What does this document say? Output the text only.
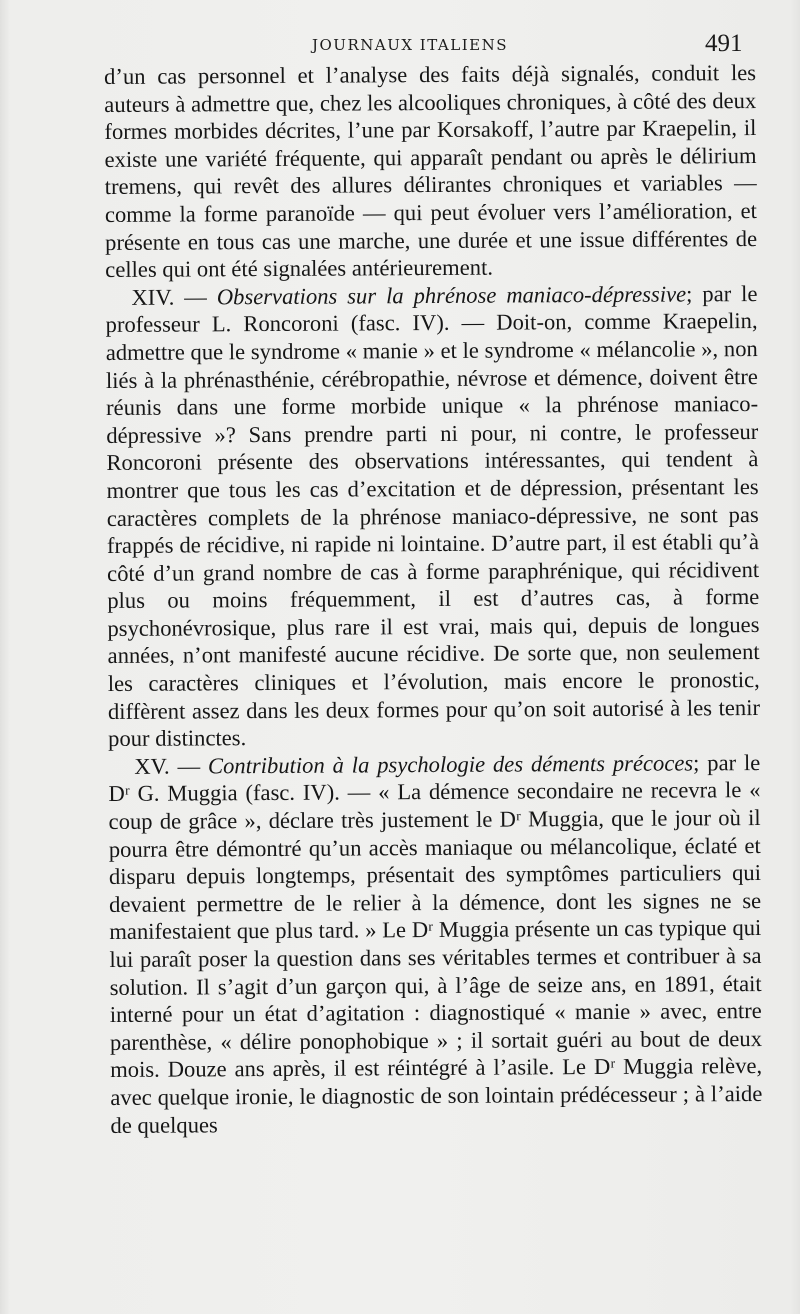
JOURNAUX ITALIENS	491

d’un cas personnel et l’analyse des faits déjà signalés, conduit les auteurs à admettre que, chez les alcooliques chroniques, à côté des deux formes morbides décrites, l’une par Korsakoff, l’autre par Kraepelin, il existe une variété fréquente, qui apparaît pendant ou après le délirium tremens, qui revêt des allures délirantes chroniques et variables — comme la forme paranoïde — qui peut évoluer vers l’amélioration, et présente en tous cas une marche, une durée et une issue différentes de celles qui ont été signalées antérieurement.

XIV. — Observations sur la phrénose maniaco-dépressive; par le professeur L. Roncoroni (fasc. IV). — Doit-on, comme Kraepelin, admettre que le syndrome « manie » et le syndrome « mélancolie », non liés à la phrénasthénie, cérébropathie, névrose et démence, doivent être réunis dans une forme morbide unique « la phrénose maniaco-dépressive »? Sans prendre parti ni pour, ni contre, le professeur Roncoroni présente des observations intéressantes, qui tendent à montrer que tous les cas d’excitation et de dépression, présentant les caractères complets de la phrénose maniaco-dépressive, ne sont pas frappés de récidive, ni rapide ni lointaine. D’autre part, il est établi qu’à côté d’un grand nombre de cas à forme paraphrénique, qui récidivent plus ou moins fréquemment, il est d’autres cas, à forme psychonévrosique, plus rare il est vrai, mais qui, depuis de longues années, n’ont manifesté aucune récidive. De sorte que, non seulement les caractères cliniques et l’évolution, mais encore le pronostic, diffèrent assez dans les deux formes pour qu’on soit autorisé à les tenir pour distinctes.

XV. — Contribution à la psychologie des déments précoces; par le Dʳ G. Muggia (fasc. IV). — « La démence secondaire ne recevra le « coup de grâce », déclare très justement le Dʳ Muggia, que le jour où il pourra être démontré qu’un accès maniaque ou mélancolique, éclaté et disparu depuis longtemps, présentait des symptômes particuliers qui devaient permettre de le relier à la démence, dont les signes ne se manifestaient que plus tard. » Le Dʳ Muggia présente un cas typique qui lui paraît poser la question dans ses véritables termes et contribuer à sa solution. Il s’agit d’un garçon qui, à l’âge de seize ans, en 1891, était interné pour un état d’agitation : diagnostiqué « manie » avec, entre parenthèse, « délire ponophobique » ; il sortait guéri au bout de deux mois. Douze ans après, il est réintégré à l’asile. Le Dʳ Muggia relève, avec quelque ironie, le diagnostic de son lointain prédécesseur ; à l’aide de quelques
